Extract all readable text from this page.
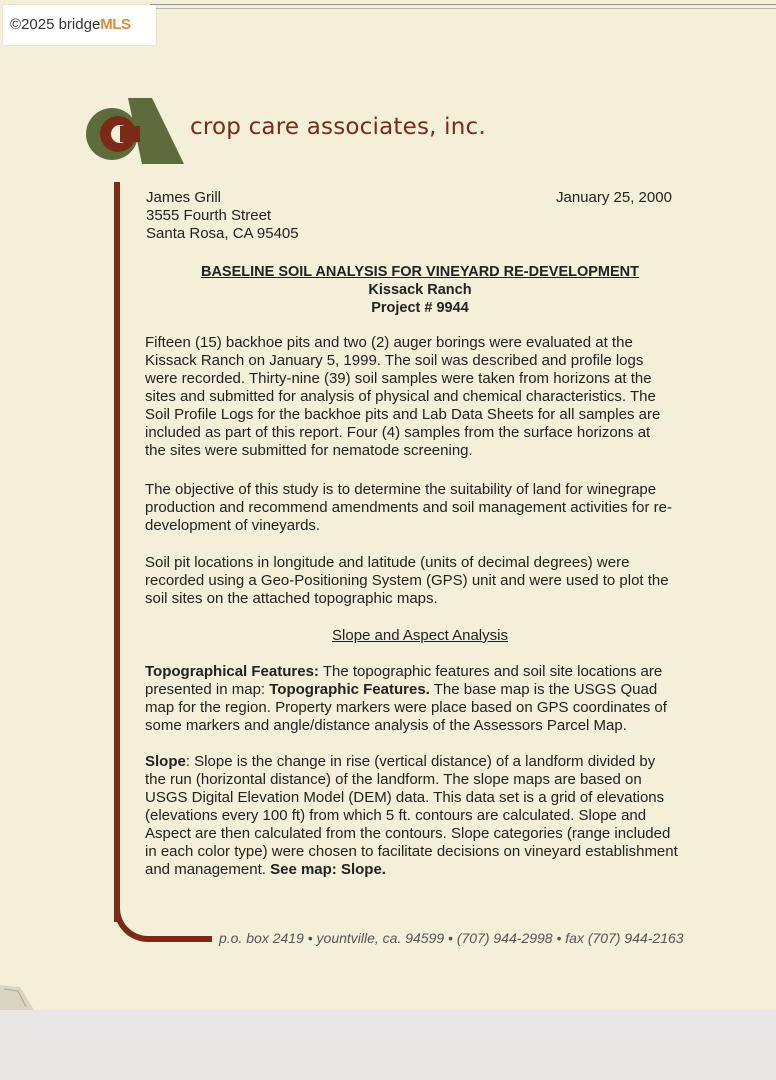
©2025 bridgeMLS
crop care associates, inc.
p.o. box 2419 • yountville, ca. 94599 • (707) 944-2998 • fax (707) 944-2163
James Grill
3555 Fourth Street
Santa Rosa, CA 95405
January 25, 2000
BASELINE SOIL ANALYSIS FOR VINEYARD RE-DEVELOPMENT
Kissack Ranch
Project # 9944
Fifteen (15) backhoe pits and two (2) auger borings were evaluated at the
Kissack Ranch on January 5, 1999. The soil was described and profile logs
were recorded. Thirty-nine (39) soil samples were taken from horizons at the
sites and submitted for analysis of physical and chemical characteristics. The
Soil Profile Logs for the backhoe pits and Lab Data Sheets for all samples are
included as part of this report. Four (4) samples from the surface horizons at
the sites were submitted for nematode screening.
The objective of this study is to determine the suitability of land for winegrape
production and recommend amendments and soil management activities for re-
development of vineyards.
Soil pit locations in longitude and latitude (units of decimal degrees) were
recorded using a Geo-Positioning System (GPS) unit and were used to plot the
soil sites on the attached topographic maps.
Slope and Aspect Analysis
Topographical Features: The topographic features and soil site locations are
presented in map: Topographic Features. The base map is the USGS Quad
map for the region. Property markers were place based on GPS coordinates of
some markers and angle/distance analysis of the Assessors Parcel Map.
Slope: Slope is the change in rise (vertical distance) of a landform divided by
the run (horizontal distance) of the landform. The slope maps are based on
USGS Digital Elevation Model (DEM) data. This data set is a grid of elevations
(elevations every 100 ft) from which 5 ft. contours are calculated. Slope and
Aspect are then calculated from the contours. Slope categories (range included
in each color type) were chosen to facilitate decisions on vineyard establishment
and management. See map: Slope.
